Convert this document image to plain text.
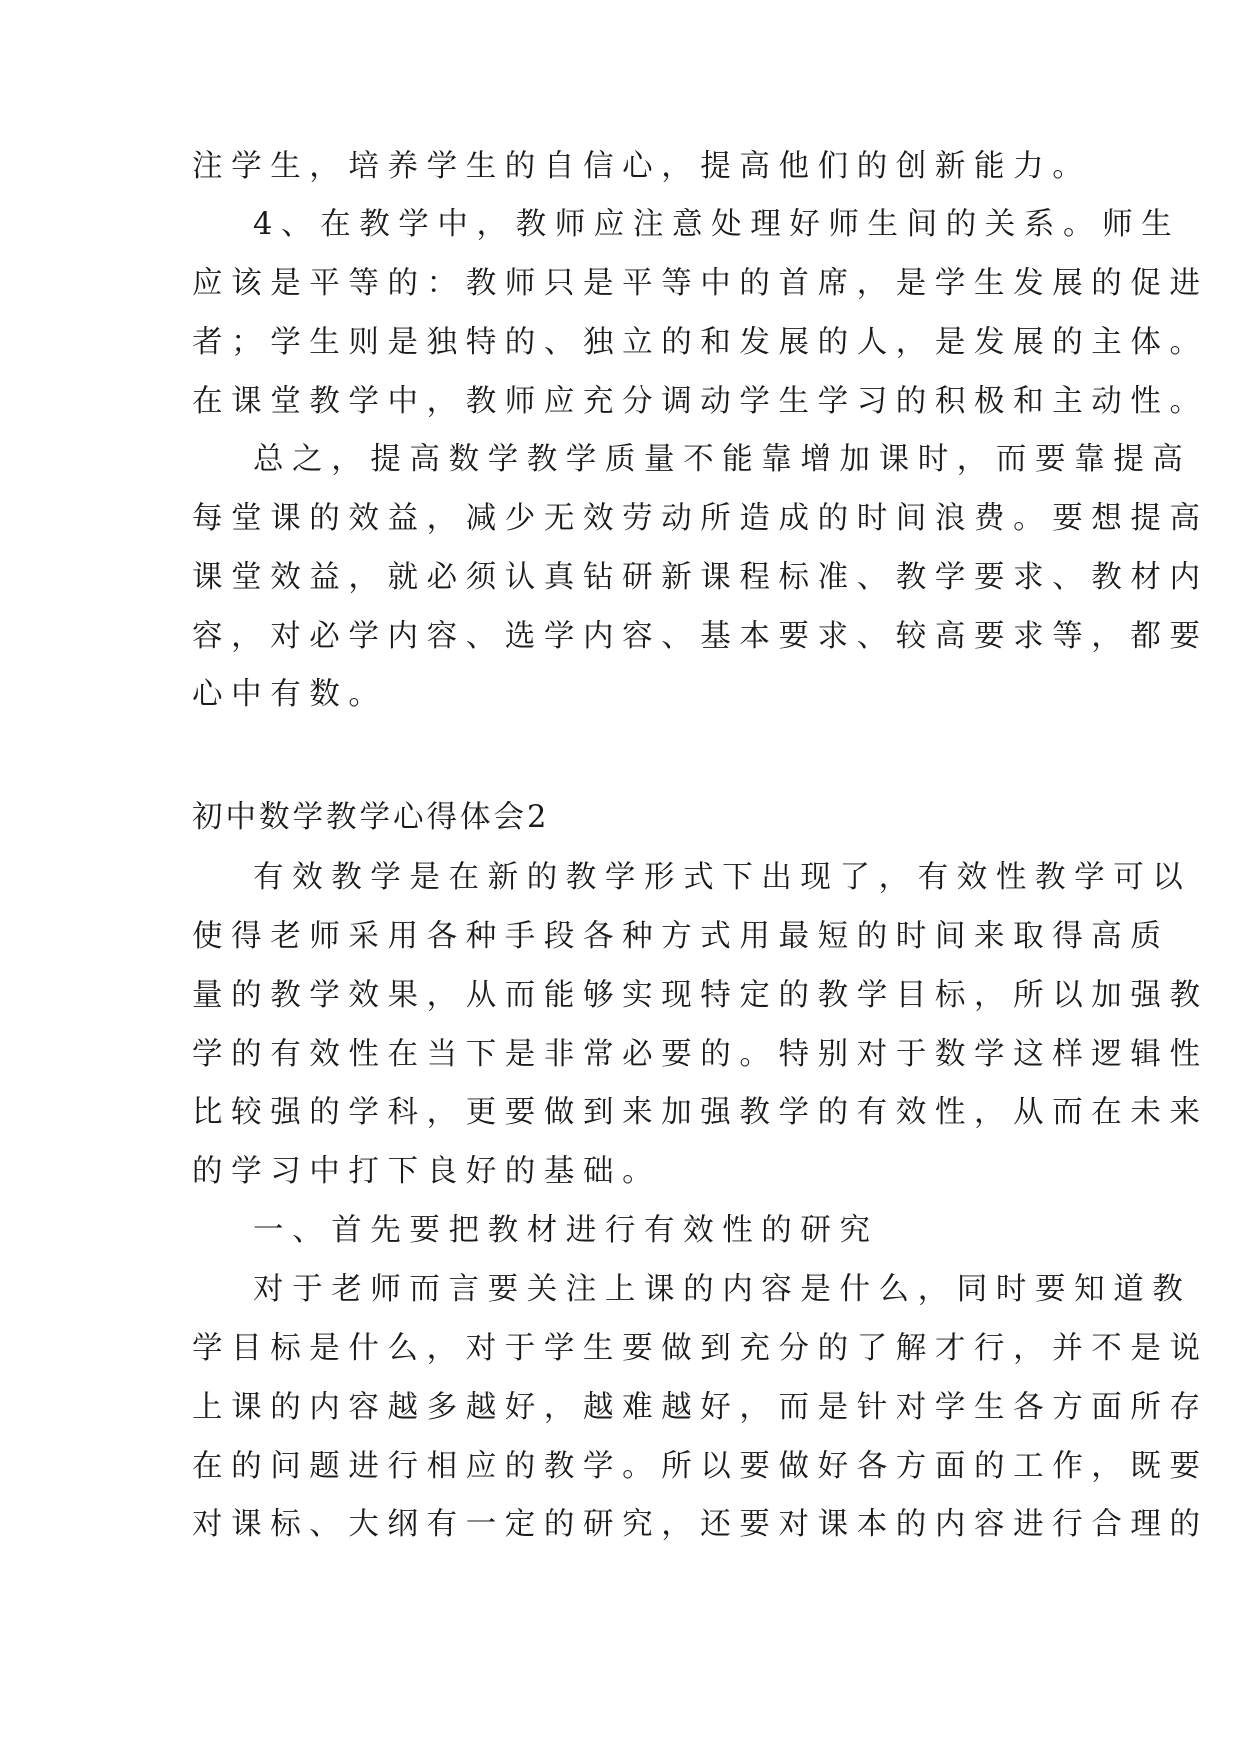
注学生，培养学生的自信心，提高他们的创新能力。
4、在教学中，教师应注意处理好师生间的关系。师生
应该是平等的：教师只是平等中的首席，是学生发展的促进
者；学生则是独特的、独立的和发展的人，是发展的主体。
在课堂教学中，教师应充分调动学生学习的积极和主动性。
总之，提高数学教学质量不能靠增加课时，而要靠提高
每堂课的效益，减少无效劳动所造成的时间浪费。要想提高
课堂效益，就必须认真钻研新课程标准、教学要求、教材内
容，对必学内容、选学内容、基本要求、较高要求等，都要
心中有数。
初中数学教学心得体会2
有效教学是在新的教学形式下出现了，有效性教学可以
使得老师采用各种手段各种方式用最短的时间来取得高质
量的教学效果，从而能够实现特定的教学目标，所以加强教
学的有效性在当下是非常必要的。特别对于数学这样逻辑性
比较强的学科，更要做到来加强教学的有效性，从而在未来
的学习中打下良好的基础。
一、首先要把教材进行有效性的研究
对于老师而言要关注上课的内容是什么，同时要知道教
学目标是什么，对于学生要做到充分的了解才行，并不是说
上课的内容越多越好，越难越好，而是针对学生各方面所存
在的问题进行相应的教学。所以要做好各方面的工作，既要
对课标、大纲有一定的研究，还要对课本的内容进行合理的
